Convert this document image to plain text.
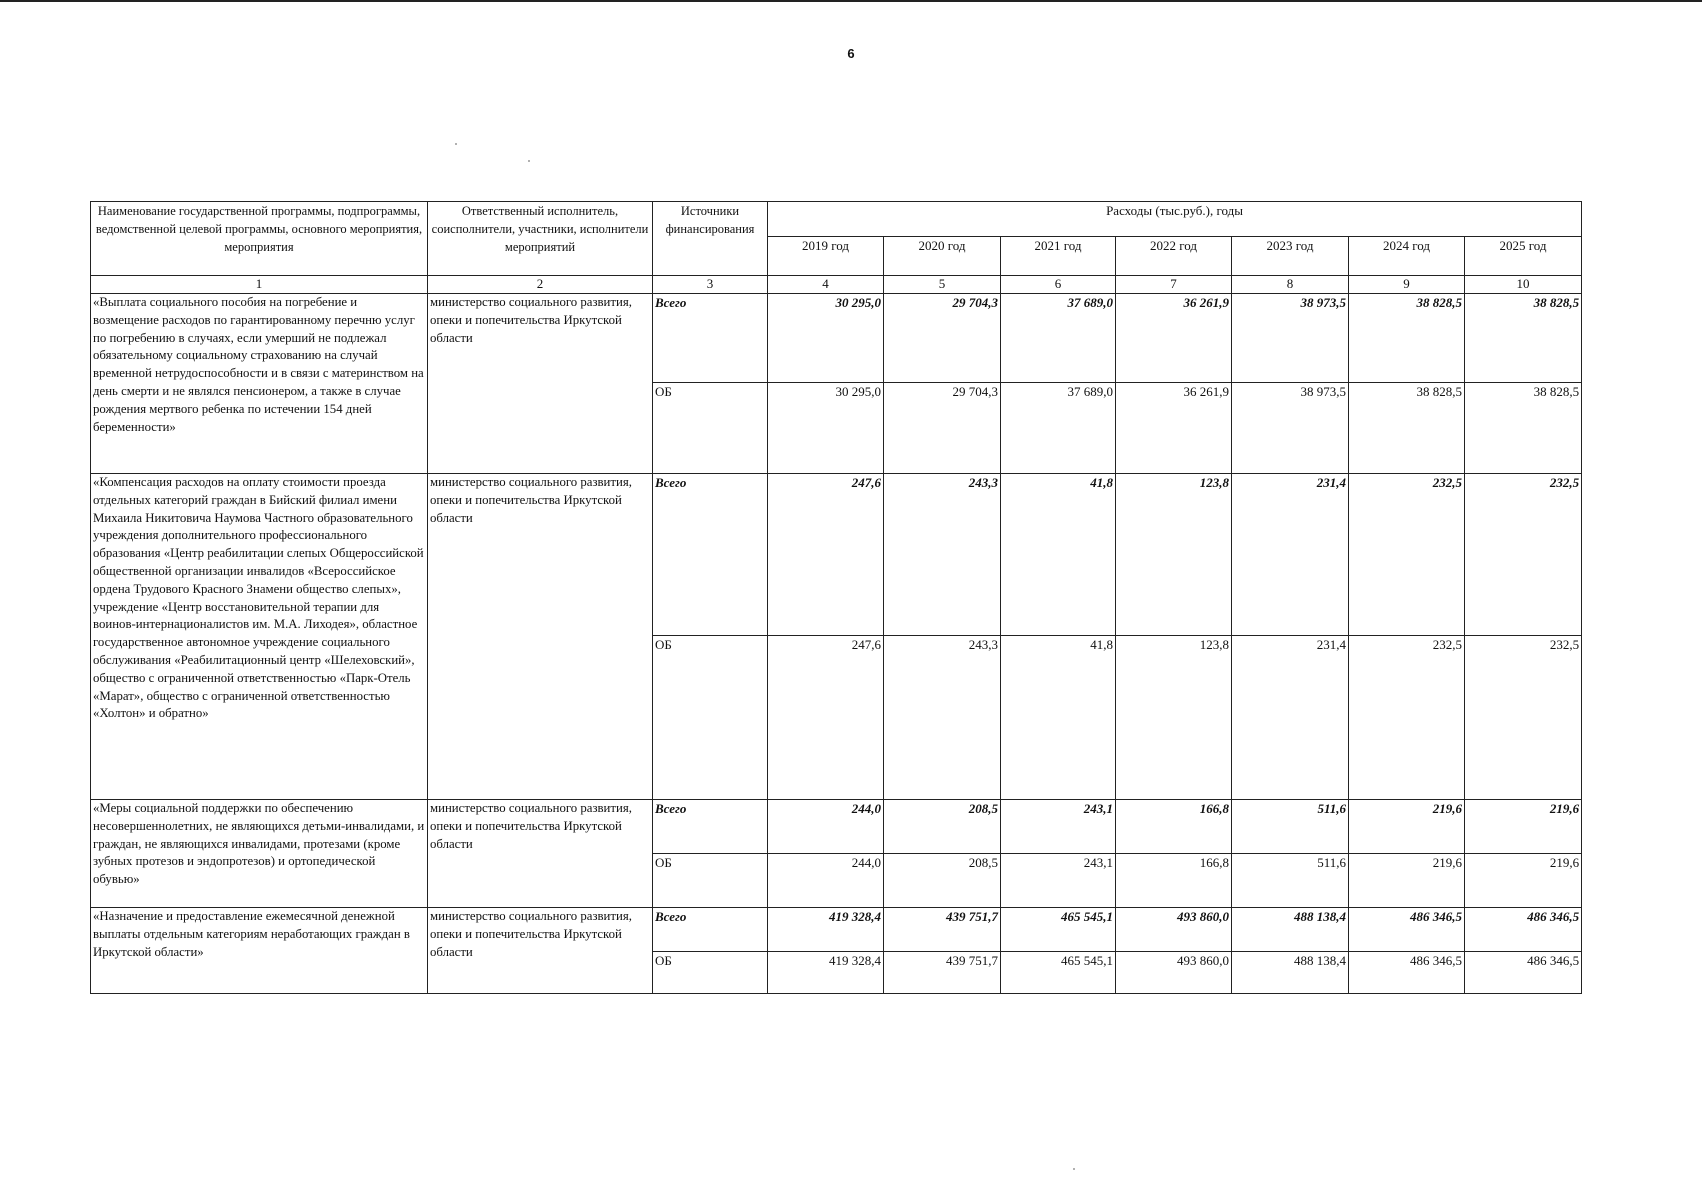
6
Наименование государственной программы, подпрограммы, ведомственной целевой программы, основного мероприятия, мероприятия	Ответственный исполнитель, соисполнители, участники, исполнители мероприятий	Источники финансирования	Расходы (тыс.руб.), годы						
			2019 год	2020 год	2021 год	2022 год	2023 год	2024 год	2025 год
1	2	3	4	5	6	7	8	9	10
«Выплата социального пособия на погребение и возмещение расходов по гарантированному перечню услуг по погребению в случаях, если умерший не подлежал обязательному социальному страхованию на случай временной нетрудоспособности и в связи с материнством на день смерти и не являлся пенсионером, а также в случае рождения мертвого ребенка по истечении 154 дней беременности»	министерство социального развития, опеки и попечительства Иркутской области	Всего	30 295,0	29 704,3	37 689,0	36 261,9	38 973,5	38 828,5	38 828,5
		ОБ	30 295,0	29 704,3	37 689,0	36 261,9	38 973,5	38 828,5	38 828,5
«Компенсация расходов на оплату стоимости проезда отдельных категорий граждан в Бийский филиал имени Михаила Никитовича Наумова Частного образовательного учреждения дополнительного профессионального образования «Центр реабилитации слепых Общероссийской общественной организации инвалидов «Всероссийское ордена Трудового Красного Знамени общество слепых», учреждение «Центр восстановительной терапии для воинов-интернационалистов им. М.А. Лиходея», областное государственное автономное учреждение социального обслуживания «Реабилитационный центр «Шелеховский», общество с ограниченной ответственностью «Парк-Отель «Марат», общество с ограниченной ответственностью «Холтон» и обратно»	министерство социального развития, опеки и попечительства Иркутской области	Всего	247,6	243,3	41,8	123,8	231,4	232,5	232,5
		ОБ	247,6	243,3	41,8	123,8	231,4	232,5	232,5
«Меры социальной поддержки по обеспечению несовершеннолетних, не являющихся детьми-инвалидами, и граждан, не являющихся инвалидами, протезами (кроме зубных протезов и эндопротезов) и ортопедической обувью»	министерство социального развития, опеки и попечительства Иркутской области	Всего	244,0	208,5	243,1	166,8	511,6	219,6	219,6
		ОБ	244,0	208,5	243,1	166,8	511,6	219,6	219,6
«Назначение и предоставление ежемесячной денежной выплаты отдельным категориям неработающих граждан в Иркутской области»	министерство социального развития, опеки и попечительства Иркутской области	Всего	419 328,4	439 751,7	465 545,1	493 860,0	488 138,4	486 346,5	486 346,5
		ОБ	419 328,4	439 751,7	465 545,1	493 860,0	488 138,4	486 346,5	486 346,5
